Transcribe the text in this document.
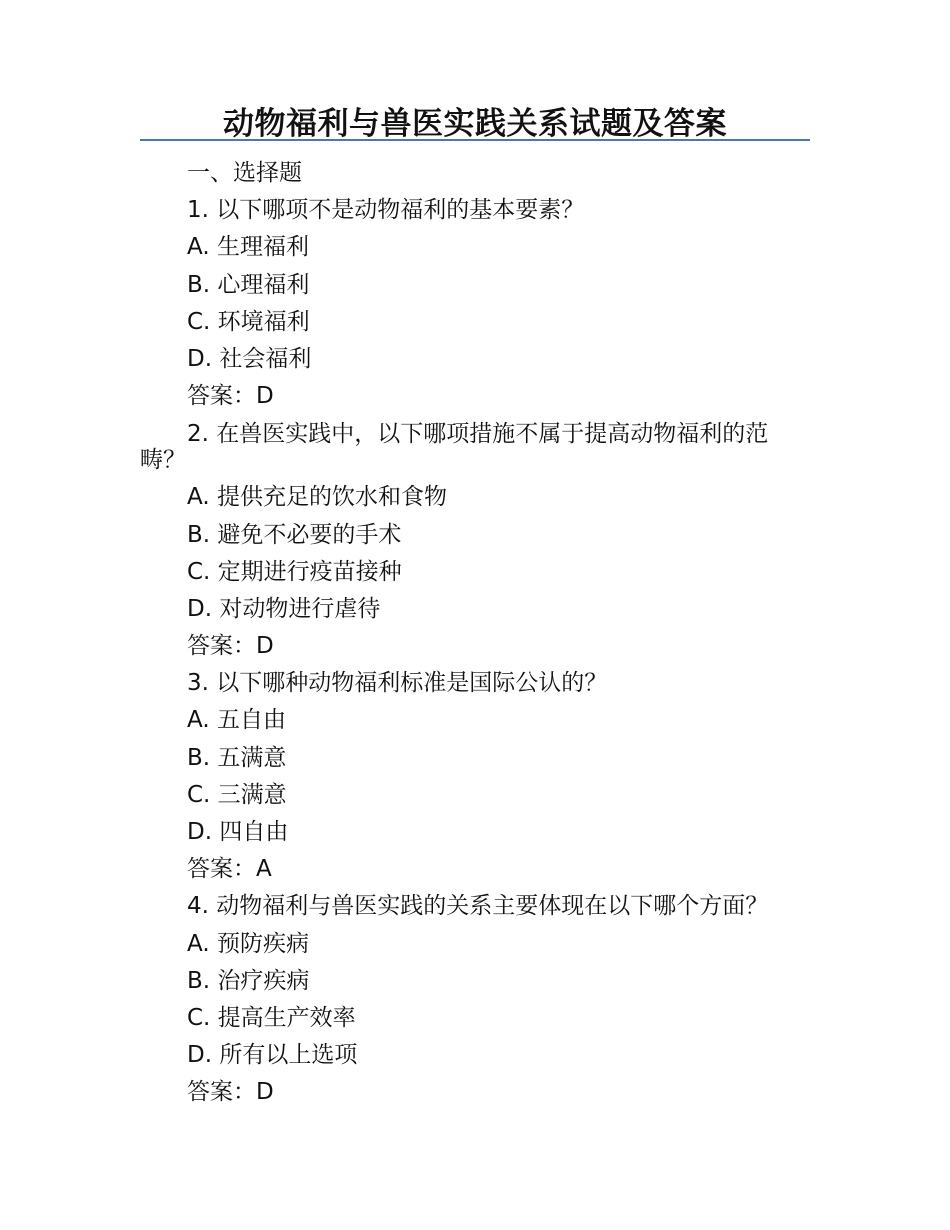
动物福利与兽医实践关系试题及答案
一、选择题
1. 以下哪项不是动物福利的基本要素？
A. 生理福利
B. 心理福利
C. 环境福利
D. 社会福利
答案：D
2. 在兽医实践中，以下哪项措施不属于提高动物福利的范畴？
A. 提供充足的饮水和食物
B. 避免不必要的手术
C. 定期进行疫苗接种
D. 对动物进行虐待
答案：D
3. 以下哪种动物福利标准是国际公认的？
A. 五自由
B. 五满意
C. 三满意
D. 四自由
答案：A
4. 动物福利与兽医实践的关系主要体现在以下哪个方面？
A. 预防疾病
B. 治疗疾病
C. 提高生产效率
D. 所有以上选项
答案：D
